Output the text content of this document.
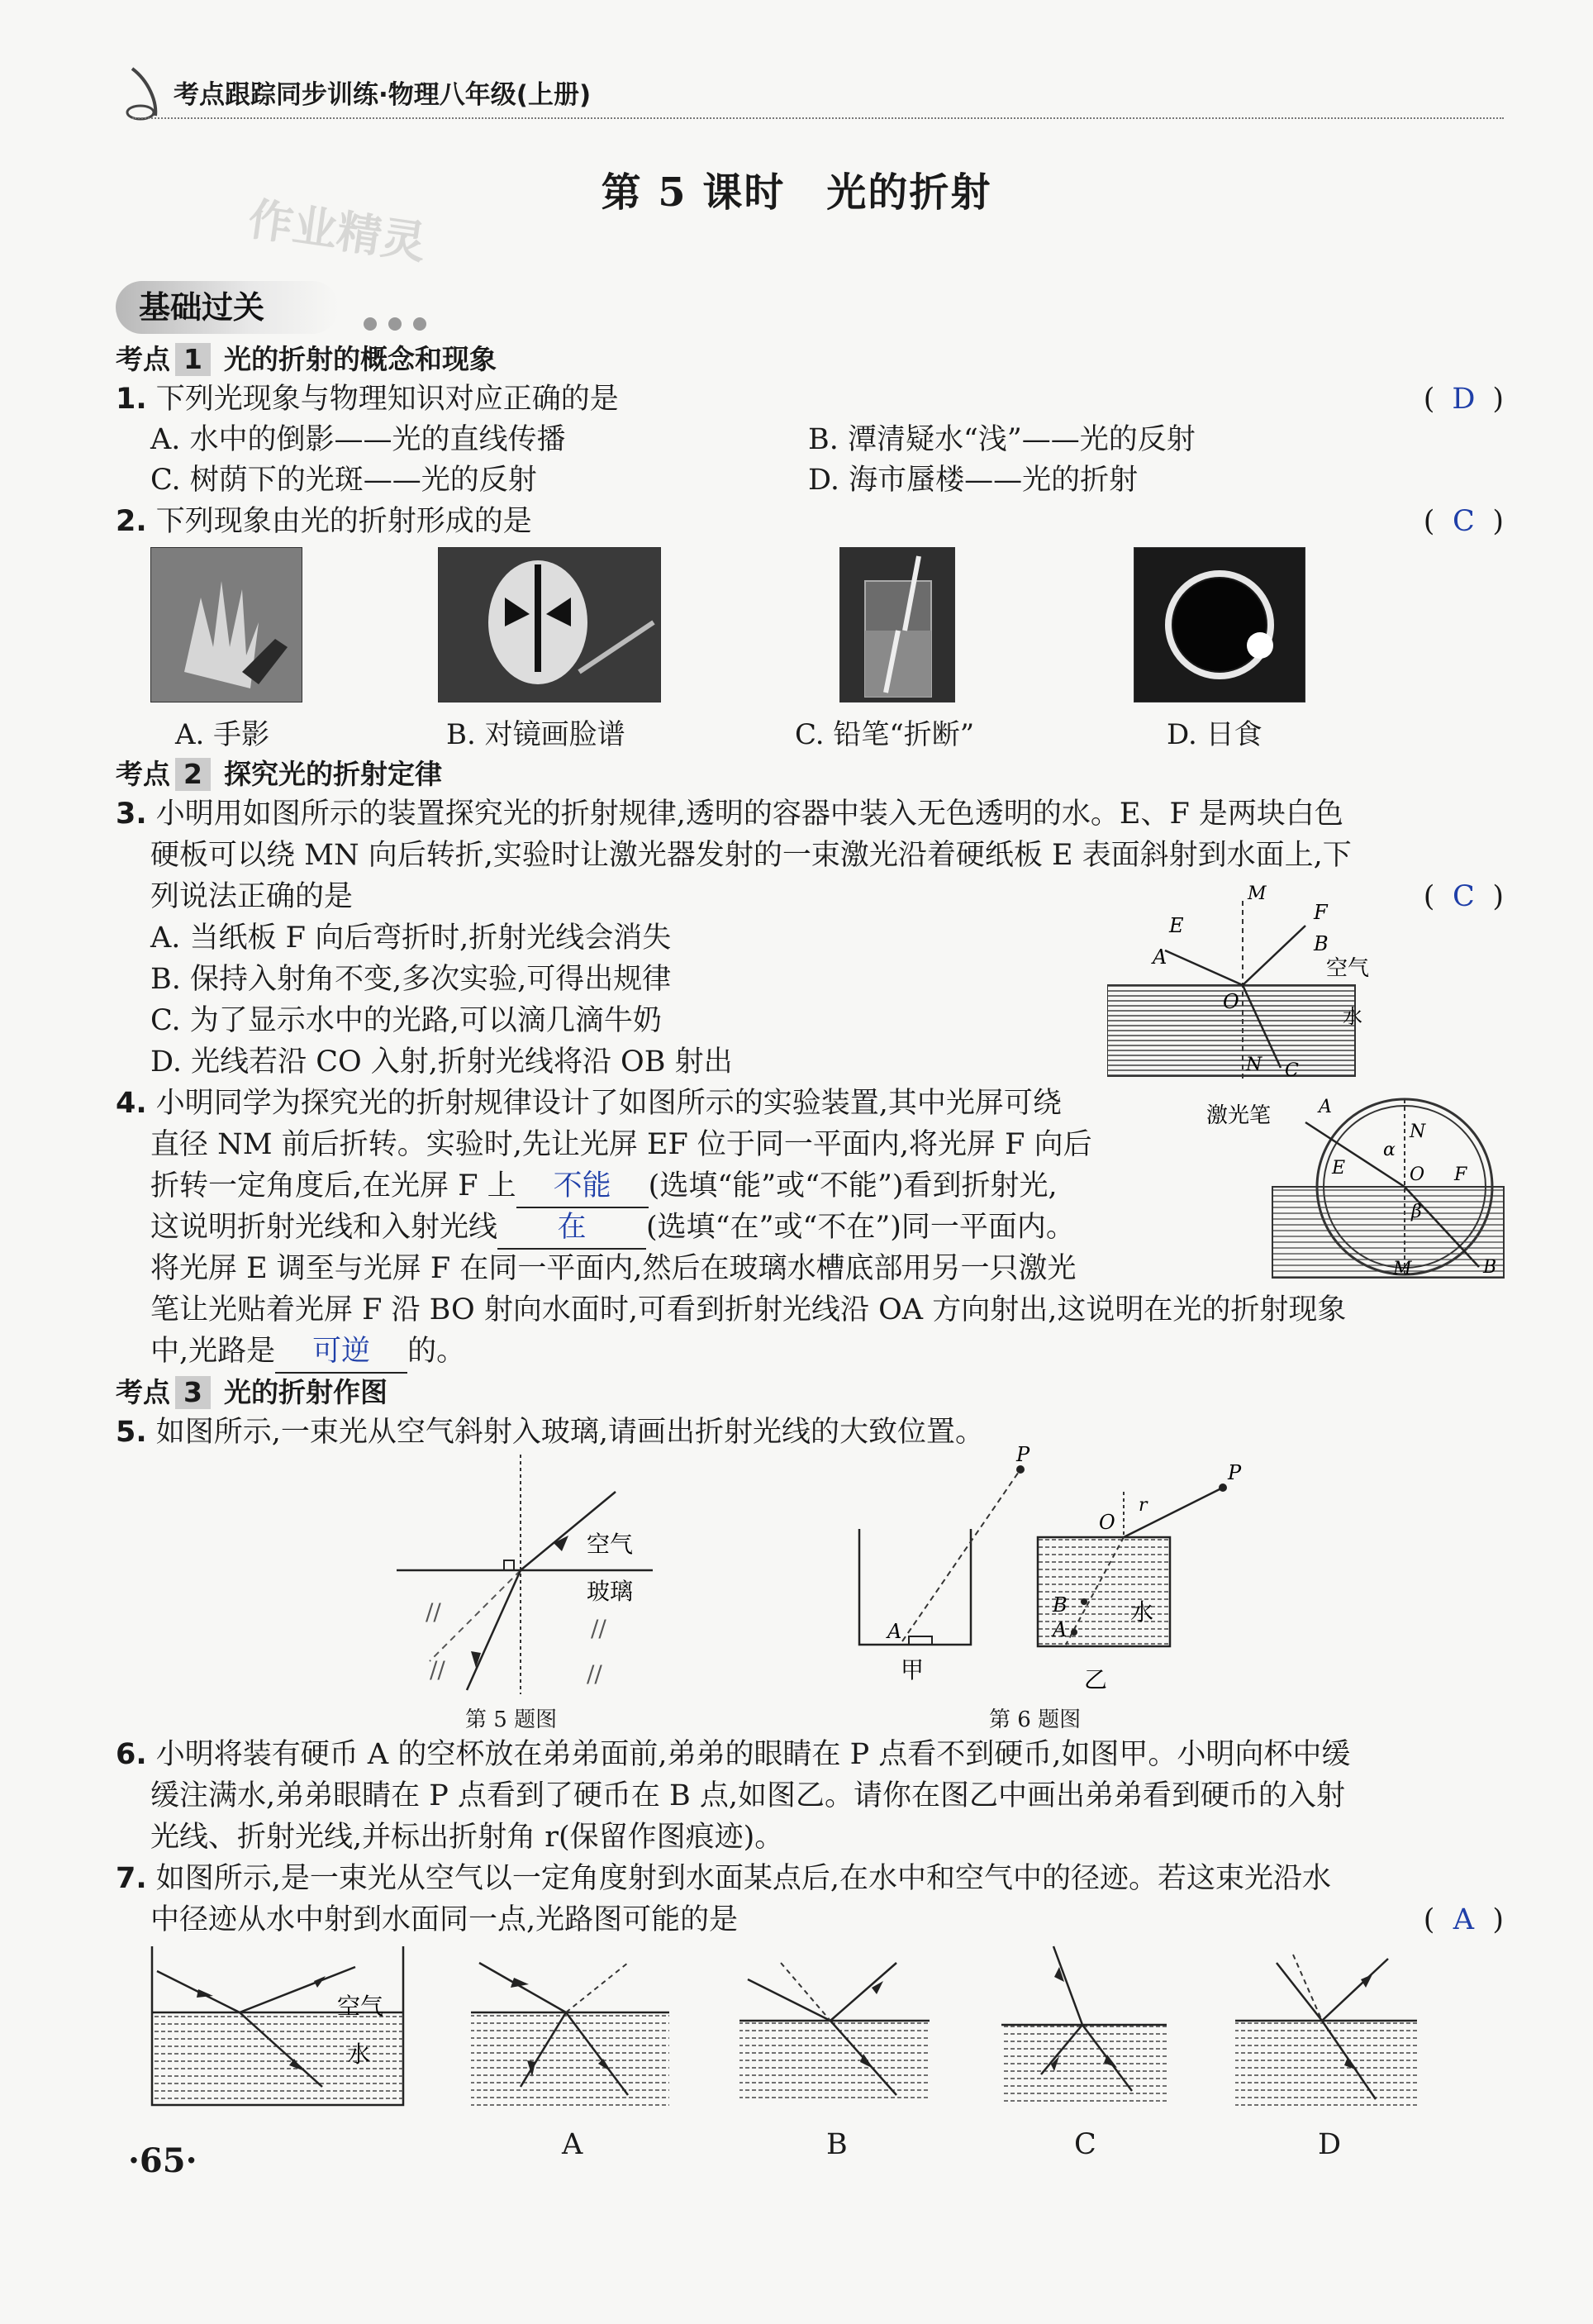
考点跟踪同步训练·物理八年级(上册)
第 5 课时　光的折射
作业精灵
基础过关
考点 1 光的折射的概念和现象
1. 下列光现象与物理知识对应正确的是	( D )
A. 水中的倒影——光的直线传播	B. 潭清疑水“浅”——光的反射
C. 树荫下的光斑——光的反射	D. 海市蜃楼——光的折射
2. 下列现象由光的折射形成的是	( C )
A. 手影	B. 对镜画脸谱	C. 铅笔“折断”	D. 日食
考点 2 探究光的折射定律
3. 小明用如图所示的装置探究光的折射规律,透明的容器中装入无色透明的水。E、F 是两块白色
硬板可以绕 MN 向后转折,实验时让激光器发射的一束激光沿着硬纸板 E 表面斜射到水面上,下
列说法正确的是	( C )
A. 当纸板 F 向后弯折时,折射光线会消失
B. 保持入射角不变,多次实验,可得出规律
C. 为了显示水中的光路,可以滴几滴牛奶
D. 光线若沿 CO 入射,折射光线将沿 OB 射出
M
E
F
A
B
空气
O
水
N C
4. 小明同学为探究光的折射规律设计了如图所示的实验装置,其中光屏可绕
直径 NM 前后折转。实验时,先让光屏 EF 位于同一平面内,将光屏 F 向后
折转一定角度后,在光屏 F 上 不能 (选填“能”或“不能”)看到折射光,
这说明折射光线和入射光线 在 (选填“在”或“不在”)同一平面内。
将光屏 E 调至与光屏 F 在同一平面内,然后在玻璃水槽底部用另一只激光
笔让光贴着光屏 F 沿 BO 射向水面时,可看到折射光线沿 OA 方向射出,这说明在光的折射现象
中,光路是 可逆 的。
激光笔	A
α
N
E	O F
β
M	B
考点 3 光的折射作图
5. 如图所示,一束光从空气斜射入玻璃,请画出折射光线的大致位置。
空气
玻璃
//
//
//	//
第 5 题图
P
A
甲
P
O
r
B
A
水
乙
第 6 题图
6. 小明将装有硬币 A 的空杯放在弟弟面前,弟弟的眼睛在 P 点看不到硬币,如图甲。小明向杯中缓
缓注满水,弟弟眼睛在 P 点看到了硬币在 B 点,如图乙。请你在图乙中画出弟弟看到硬币的入射
光线、折射光线,并标出折射角 r(保留作图痕迹)。
7. 如图所示,是一束光从空气以一定角度射到水面某点后,在水中和空气中的径迹。若这束光沿水
中径迹从水中射到水面同一点,光路图可能的是	( A )
空气
水
A	B	C	D
·65·
